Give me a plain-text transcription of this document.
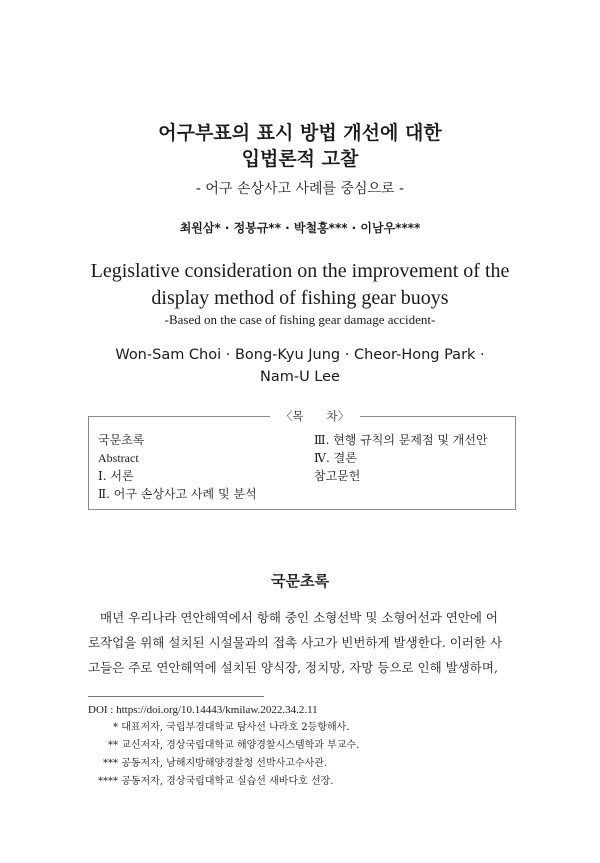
어구부표의 표시 방법 개선에 대한
입법론적 고찰
- 어구 손상사고 사례를 중심으로 -
최원삼* · 정봉규** · 박철홍*** · 이남우****
Legislative consideration on the improvement of the
display method of fishing gear buoys
-Based on the case of fishing gear damage accident-
Won-Sam Choi · Bong-Kyu Jung · Cheor-Hong Park ·
Nam-U Lee
〈목　　차〉
국문초록
Abstract
Ⅰ. 서론
Ⅱ. 어구 손상사고 사례 및 분석
Ⅲ. 현행 규칙의 문제점 및 개선안
Ⅳ. 결론
참고문헌
국문초록
매년 우리나라 연안해역에서 항해 중인 소형선박 및 소형어선과 연안에 어
로작업을 위해 설치된 시설물과의 접촉 사고가 빈번하게 발생한다. 이러한 사
고들은 주로 연안해역에 설치된 양식장, 정치망, 자망 등으로 인해 발생하며,
DOI : https://doi.org/10.14443/kmilaw.2022.34.2.11
* 대표저자, 국립부경대학교 탐사선 나라호 2등항해사.
** 교신저자, 경상국립대학교 해양경찰시스템학과 부교수.
*** 공동저자, 남해지방해양경찰청 선박사고수사관.
**** 공동저자, 경상국립대학교 실습선 새바다호 선장.
